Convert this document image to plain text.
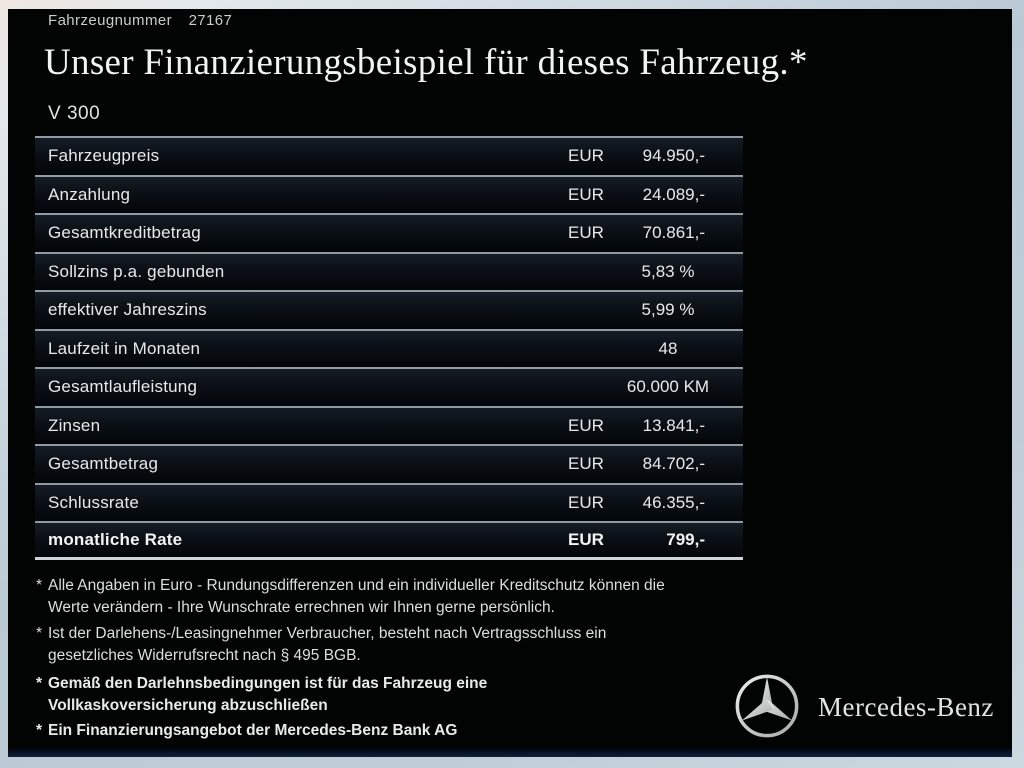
Fahrzeugnummer 27167
Unser Finanzierungsbeispiel für dieses Fahrzeug.*
V 300
Fahrzeugpreis	EUR 94.950,-
Anzahlung	EUR 24.089,-
Gesamtkreditbetrag	EUR 70.861,-
Sollzins p.a. gebunden	5,83 %
effektiver Jahreszins	5,99 %
Laufzeit in Monaten	48
Gesamtlaufleistung	60.000 KM
Zinsen	EUR 13.841,-
Gesamtbetrag	EUR 84.702,-
Schlussrate	EUR 46.355,-
monatliche Rate	EUR	799,-
* Alle Angaben in Euro - Rundungsdifferenzen und ein individueller Kreditschutz können die
Werte verändern - Ihre Wunschrate errechnen wir Ihnen gerne persönlich.
* Ist der Darlehens-/Leasingnehmer Verbraucher, besteht nach Vertragsschluss ein
gesetzliches Widerrufsrecht nach § 495 BGB.
* Gemäß den Darlehnsbedingungen ist für das Fahrzeug eine
Vollkaskoversicherung abzuschließen
* Ein Finanzierungsangebot der Mercedes-Benz Bank AG
Mercedes-Benz
